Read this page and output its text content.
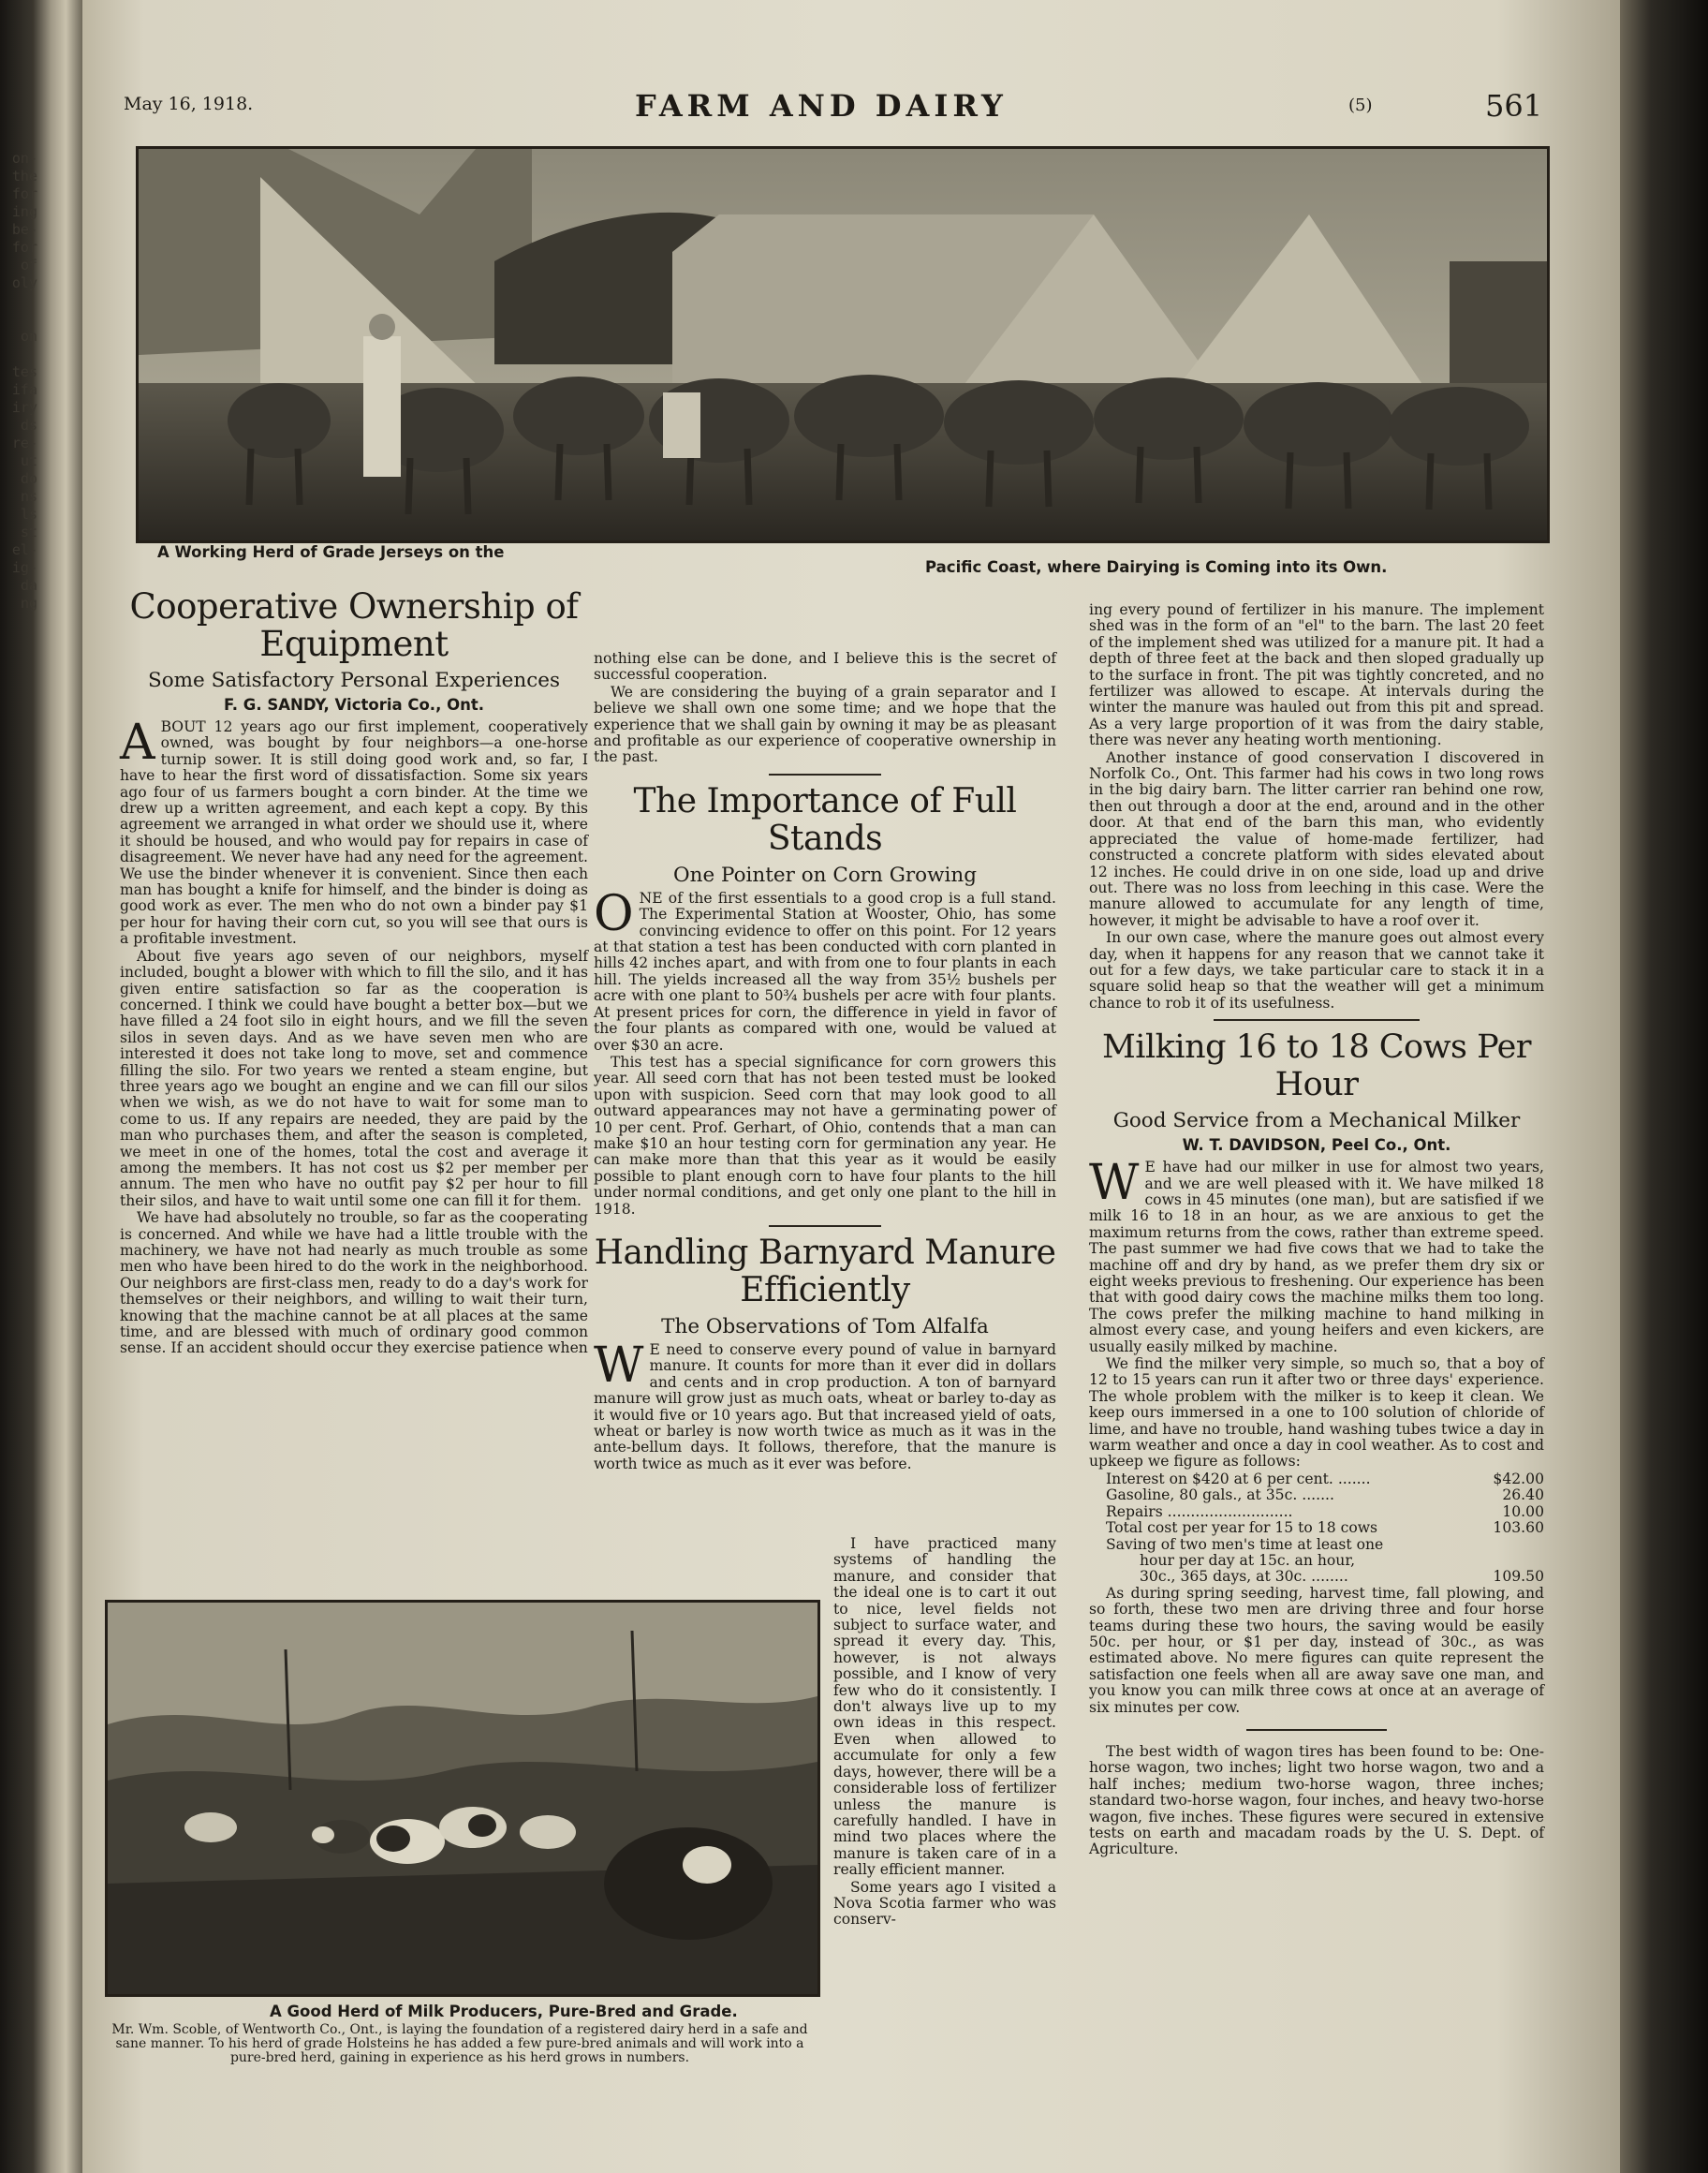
on-
the
for
ing
be-
for
of
oly

on

tes
ifa
iry
ds
re-
ut
do
ns
ls
st
el-
ig-
da
ng
May 16, 1918.	FARM AND DAIRY	(5)	561
A Working Herd of Grade Jerseys on the
Pacific Coast, where Dairying is Coming into its Own.
Cooperative Ownership of Equipment
Some Satisfactory Personal Experiences
F. G. SANDY, Victoria Co., Ont.

ABOUT 12 years ago our first implement, cooperatively owned, was bought by four neighbors—a one-horse turnip sower. It is still doing good work and, so far, I have to hear the first word of dissatisfaction. Some six years ago four of us farmers bought a corn binder. At the time we drew up a written agreement, and each kept a copy. By this agreement we arranged in what order we should use it, where it should be housed, and who would pay for repairs in case of disagreement. We never have had any need for the agreement. We use the binder whenever it is convenient. Since then each man has bought a knife for himself, and the binder is doing as good work as ever. The men who do not own a binder pay $1 per hour for having their corn cut, so you will see that ours is a profitable investment.

About five years ago seven of our neighbors, myself included, bought a blower with which to fill the silo, and it has given entire satisfaction so far as the cooperation is concerned. I think we could have bought a better box—but we have filled a 24 foot silo in eight hours, and we fill the seven silos in seven days. And as we have seven men who are interested it does not take long to move, set and commence filling the silo. For two years we rented a steam engine, but three years ago we bought an engine and we can fill our silos when we wish, as we do not have to wait for some man to come to us. If any repairs are needed, they are paid by the man who purchases them, and after the season is completed, we meet in one of the homes, total the cost and average it among the members. It has not cost us $2 per member per annum. The men who have no outfit pay $2 per hour to fill their silos, and have to wait until some one can fill it for them.

We have had absolutely no trouble, so far as the cooperating is concerned. And while we have had a little trouble with the machinery, we have not had nearly as much trouble as some men who have been hired to do the work in the neighborhood. Our neighbors are first-class men, ready to do a day's work for themselves or their neighbors, and willing to wait their turn, knowing that the machine cannot be at all places at the same time, and are blessed with much of ordinary good common sense. If an accident should occur they exercise patience when

nothing else can be done, and I believe this is the secret of successful cooperation.

We are considering the buying of a grain separator and I believe we shall own one some time; and we hope that the experience that we shall gain by owning it may be as pleasant and profitable as our experience of cooperative ownership in the past.

The Importance of Full Stands
One Pointer on Corn Growing

ONE of the first essentials to a good crop is a full stand. The Experimental Station at Wooster, Ohio, has some convincing evidence to offer on this point. For 12 years at that station a test has been conducted with corn planted in hills 42 inches apart, and with from one to four plants in each hill. The yields increased all the way from 35½ bushels per acre with one plant to 50¾ bushels per acre with four plants. At present prices for corn, the difference in yield in favor of the four plants as compared with one, would be valued at over $30 an acre.

This test has a special significance for corn growers this year. All seed corn that has not been tested must be looked upon with suspicion. Seed corn that may look good to all outward appearances may not have a germinating power of 10 per cent. Prof. Gerhart, of Ohio, contends that a man can make $10 an hour testing corn for germination any year. He can make more than that this year as it would be easily possible to plant enough corn to have four plants to the hill under normal conditions, and get only one plant to the hill in 1918.

Handling Barnyard Manure Efficiently
The Observations of Tom Alfalfa

W E need to conserve every pound of value in barnyard manure. It counts for more than it ever did in dollars and cents and in crop production. A ton of barnyard manure will grow just as much oats, wheat or barley to-day as it would five or 10 years ago. But that increased yield of oats, wheat or barley is now worth twice as much as it was in the ante-bellum days. It follows, therefore, that the manure is worth twice as much as it ever was before.

I have practiced many systems of handling the manure, and consider that the ideal one is to cart it out to nice, level fields not subject to surface water, and spread it every day. This, however, is not always possible, and I know of very few who do it consistently. I don't always live up to my own ideas in this respect. Even when allowed to accumulate for only a few days, however, there will be a considerable loss of fertilizer unless the manure is carefully handled. I have in mind two places where the manure is taken care of in a really efficient manner.

Some years ago I visited a Nova Scotia farmer who was conserv-

A Good Herd of Milk Producers, Pure-Bred and Grade.
Mr. Wm. Scoble, of Wentworth Co., Ont., is laying the foundation of a registered dairy herd in a safe and sane manner. To his herd of grade Holsteins he has added a few pure-bred animals and will work into a pure-bred herd, gaining in experience as his herd grows in numbers.

ing every pound of fertilizer in his manure. The implement shed was in the form of an "el" to the barn. The last 20 feet of the implement shed was utilized for a manure pit. It had a depth of three feet at the back and then sloped gradually up to the surface in front. The pit was tightly concreted, and no fertilizer was allowed to escape. At intervals during the winter the manure was hauled out from this pit and spread. As a very large proportion of it was from the dairy stable, there was never any heating worth mentioning.

Another instance of good conservation I discovered in Norfolk Co., Ont. This farmer had his cows in two long rows in the big dairy barn. The litter carrier ran behind one row, then out through a door at the end, around and in the other door. At that end of the barn this man, who evidently appreciated the value of home-made fertilizer, had constructed a concrete platform with sides elevated about 12 inches. He could drive in on one side, load up and drive out. There was no loss from leeching in this case. Were the manure allowed to accumulate for any length of time, however, it might be advisable to have a roof over it.

In our own case, where the manure goes out almost every day, when it happens for any reason that we cannot take it out for a few days, we take particular care to stack it in a square solid heap so that the weather will get a minimum chance to rob it of its usefulness.

Milking 16 to 18 Cows Per Hour
Good Service from a Mechanical Milker
W. T. DAVIDSON, Peel Co., Ont.

W E have had our milker in use for almost two years, and we are well pleased with it. We have milked 18 cows in 45 minutes (one man), but are satisfied if we milk 16 to 18 in an hour, as we are anxious to get the maximum returns from the cows, rather than extreme speed. The past summer we had five cows that we had to take the machine off and dry by hand, as we prefer them dry six or eight weeks previous to freshening. Our experience has been that with good dairy cows the machine milks them too long. The cows prefer the milking machine to hand milking in almost every case, and young heifers and even kickers, are usually easily milked by machine.

We find the milker very simple, so much so, that a boy of 12 to 15 years can run it after two or three days' experience. The whole problem with the milker is to keep it clean. We keep ours immersed in a one to 100 solution of chloride of lime, and have no trouble, hand washing tubes twice a day in warm weather and once a day in cool weather. As to cost and upkeep we figure as follows:

Interest on $420 at 6 per cent. .......	$42.00
Gasoline, 80 gals., at 35c. .......	26.40
Repairs ...........................	10.00
Total cost per year for 15 to 18 cows	103.60
Saving of two men's time at least one
hour per day at 15c. an hour,
30c., 365 days, at 30c. ........	109.50

As during spring seeding, harvest time, fall plowing, and so forth, these two men are driving three and four horse teams during these two hours, the saving would be easily 50c. per hour, or $1 per day, instead of 30c., as was estimated above. No mere figures can quite represent the satisfaction one feels when all are away save one man, and you know you can milk three cows at once at an average of six minutes per cow.

The best width of wagon tires has been found to be: One-horse wagon, two inches; light two horse wagon, two and a half inches; medium two-horse wagon, three inches; standard two-horse wagon, four inches, and heavy two-horse wagon, five inches. These figures were secured in extensive tests on earth and macadam roads by the U. S. Dept. of Agriculture.
